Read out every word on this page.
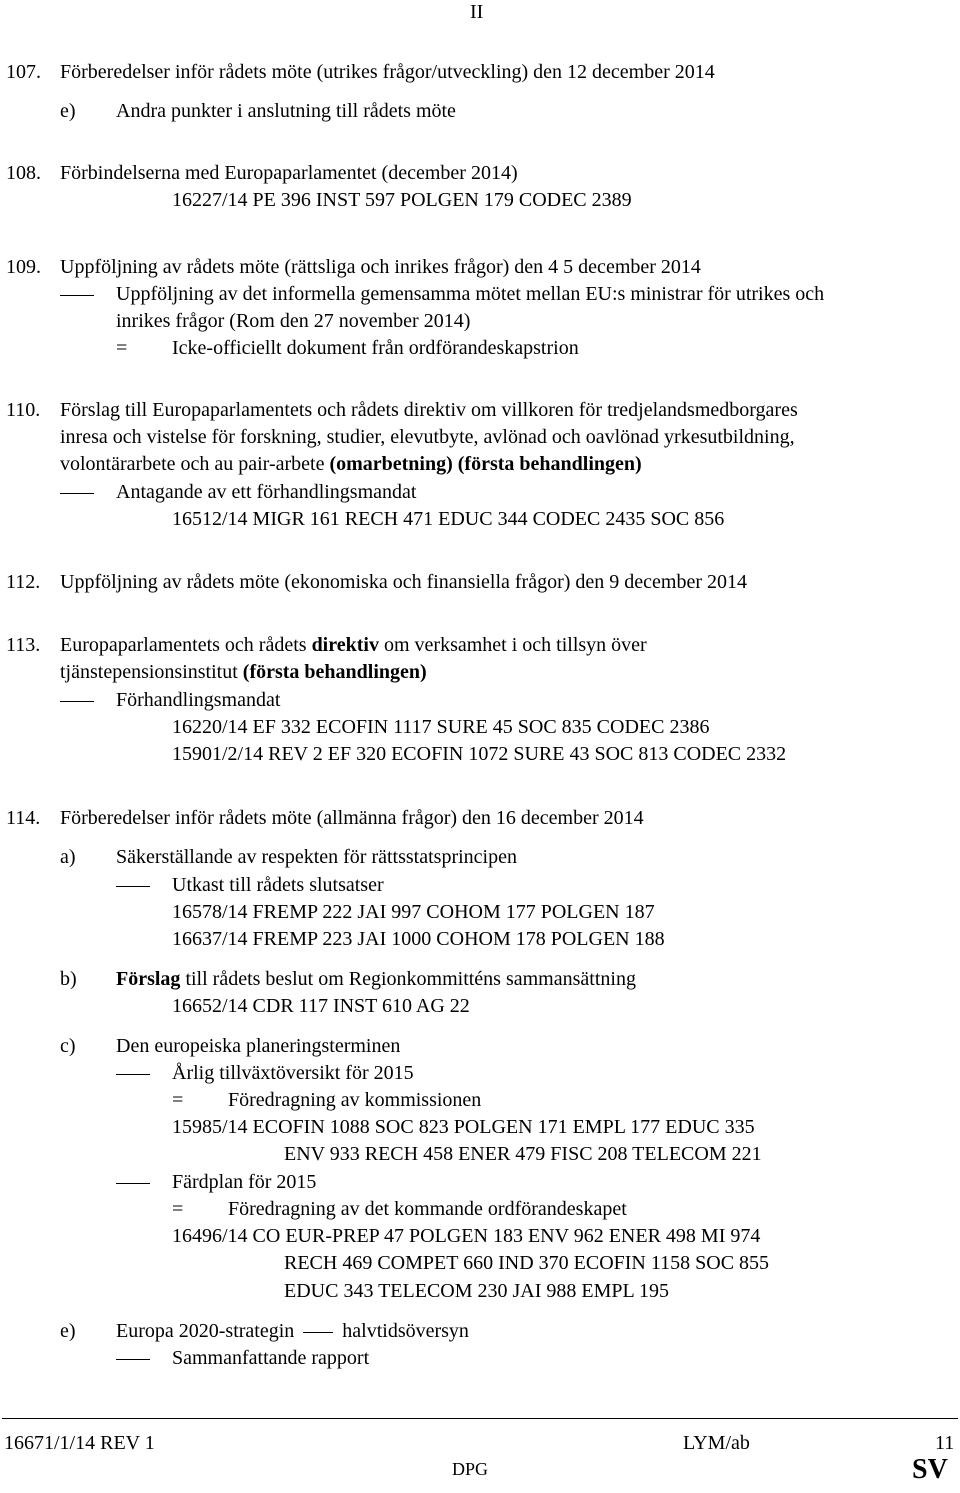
II
107. Förberedelser inför rådets möte (utrikes frågor/utveckling) den 12 december 2014
e) Andra punkter i anslutning till rådets möte
108. Förbindelserna med Europaparlamentet (december 2014)
16227/14 PE 396 INST 597 POLGEN 179 CODEC 2389
109. Uppföljning av rådets möte (rättsliga och inrikes frågor) den 4 5 december 2014
Uppföljning av det informella gemensamma mötet mellan EU:s ministrar för utrikes och
inrikes frågor (Rom den 27 november 2014)
= Icke-officiellt dokument från ordförandeskapstrion
110. Förslag till Europaparlamentets och rådets direktiv om villkoren för tredjelandsmedborgares
inresa och vistelse för forskning, studier, elevutbyte, avlönad och oavlönad yrkesutbildning,
volontärarbete och au pair-arbete (omarbetning) (första behandlingen)
Antagande av ett förhandlingsmandat
16512/14 MIGR 161 RECH 471 EDUC 344 CODEC 2435 SOC 856
112. Uppföljning av rådets möte (ekonomiska och finansiella frågor) den 9 december 2014
113. Europaparlamentets och rådets direktiv om verksamhet i och tillsyn över
tjänstepensionsinstitut (första behandlingen)
Förhandlingsmandat
16220/14 EF 332 ECOFIN 1117 SURE 45 SOC 835 CODEC 2386
15901/2/14 REV 2 EF 320 ECOFIN 1072 SURE 43 SOC 813 CODEC 2332
114. Förberedelser inför rådets möte (allmänna frågor) den 16 december 2014
a) Säkerställande av respekten för rättsstatsprincipen
Utkast till rådets slutsatser
16578/14 FREMP 222 JAI 997 COHOM 177 POLGEN 187
16637/14 FREMP 223 JAI 1000 COHOM 178 POLGEN 188
b) Förslag till rådets beslut om Regionkommitténs sammansättning
16652/14 CDR 117 INST 610 AG 22
c) Den europeiska planeringsterminen
Årlig tillväxtöversikt för 2015
= Föredragning av kommissionen
15985/14 ECOFIN 1088 SOC 823 POLGEN 171 EMPL 177 EDUC 335
ENV 933 RECH 458 ENER 479 FISC 208 TELECOM 221
Färdplan för 2015
= Föredragning av det kommande ordförandeskapet
16496/14 CO EUR-PREP 47 POLGEN 183 ENV 962 ENER 498 MI 974
RECH 469 COMPET 660 IND 370 ECOFIN 1158 SOC 855
EDUC 343 TELECOM 230 JAI 988 EMPL 195
e) Europa 2020-strategin halvtidsöversyn
Sammanfattande rapport
16671/1/14 REV 1	LYM/ab	11
DPG	SV
